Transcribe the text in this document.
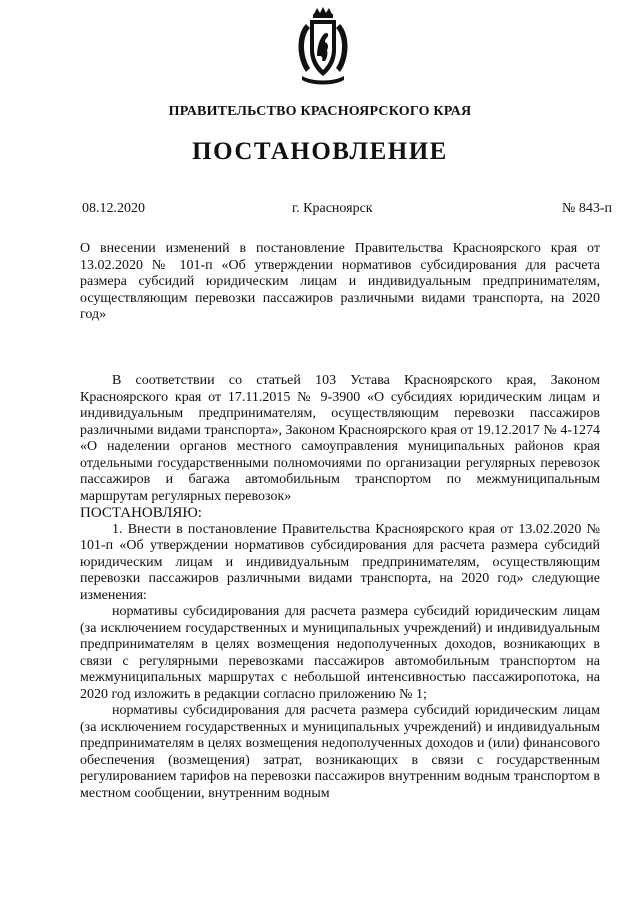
ПРАВИТЕЛЬСТВО КРАСНОЯРСКОГО КРАЯ
ПОСТАНОВЛЕНИЕ
08.12.2020	г. Красноярск	№ 843-п
О внесении изменений в постановление Правительства Красноярского края от 13.02.2020 № 101-п «Об утверждении нормативов субсидирования для расчета размера субсидий юридическим лицам и индивидуальным предпринимателям, осуществляющим перевозки пассажиров различными видами транспорта, на 2020 год»

В соответствии со статьей 103 Устава Красноярского края, Законом Красноярского края от 17.11.2015 № 9-3900 «О субсидиях юридическим лицам и индивидуальным предпринимателям, осуществляющим перевозки пассажиров различными видами транспорта», Законом Красноярского края от 19.12.2017 № 4-1274 «О наделении органов местного самоуправления муниципальных районов края отдельными государственными полномочиями по организации регулярных перевозок пассажиров и багажа автомобильным транспортом по межмуниципальным маршрутам регулярных перевозок»

ПОСТАНОВЛЯЮ:

1. Внести в постановление Правительства Красноярского края от 13.02.2020 № 101-п «Об утверждении нормативов субсидирования для расчета размера субсидий юридическим лицам и индивидуальным предпринимателям, осуществляющим перевозки пассажиров различными видами транспорта, на 2020 год» следующие изменения:

нормативы субсидирования для расчета размера субсидий юридическим лицам (за исключением государственных и муниципальных учреждений) и индивидуальным предпринимателям в целях возмещения недополученных доходов, возникающих в связи с регулярными перевозками пассажиров автомобильным транспортом на межмуниципальных маршрутах с небольшой интенсивностью пассажиропотока, на 2020 год изложить в редакции согласно приложению № 1;

нормативы субсидирования для расчета размера субсидий юридическим лицам (за исключением государственных и муниципальных учреждений) и индивидуальным предпринимателям в целях возмещения недополученных доходов и (или) финансового обеспечения (возмещения) затрат, возникающих в связи с государственным регулированием тарифов на перевозки пассажиров внутренним водным транспортом в местном сообщении, внутренним водным
